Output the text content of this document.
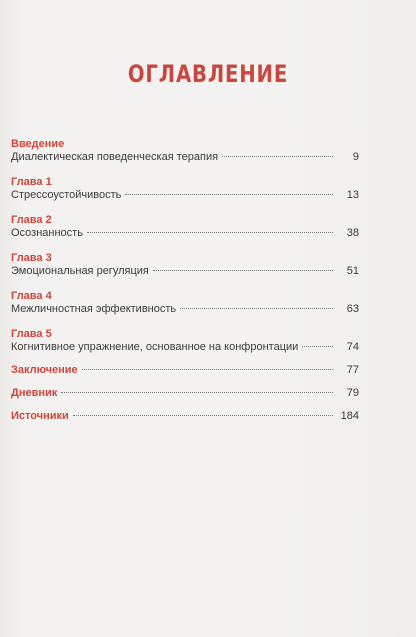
ОГЛАВЛЕНИЕ
Введение
Диалектическая поведенческая терапия	9
Глава 1
Стрессоустойчивость	13
Глава 2
Осознанность	38
Глава 3
Эмоциональная регуляция	51
Глава 4
Межличностная эффективность	63
Глава 5
Когнитивное упражнение, основанное на конфронтации	74
Заключение	77
Дневник	79
Источники	184
